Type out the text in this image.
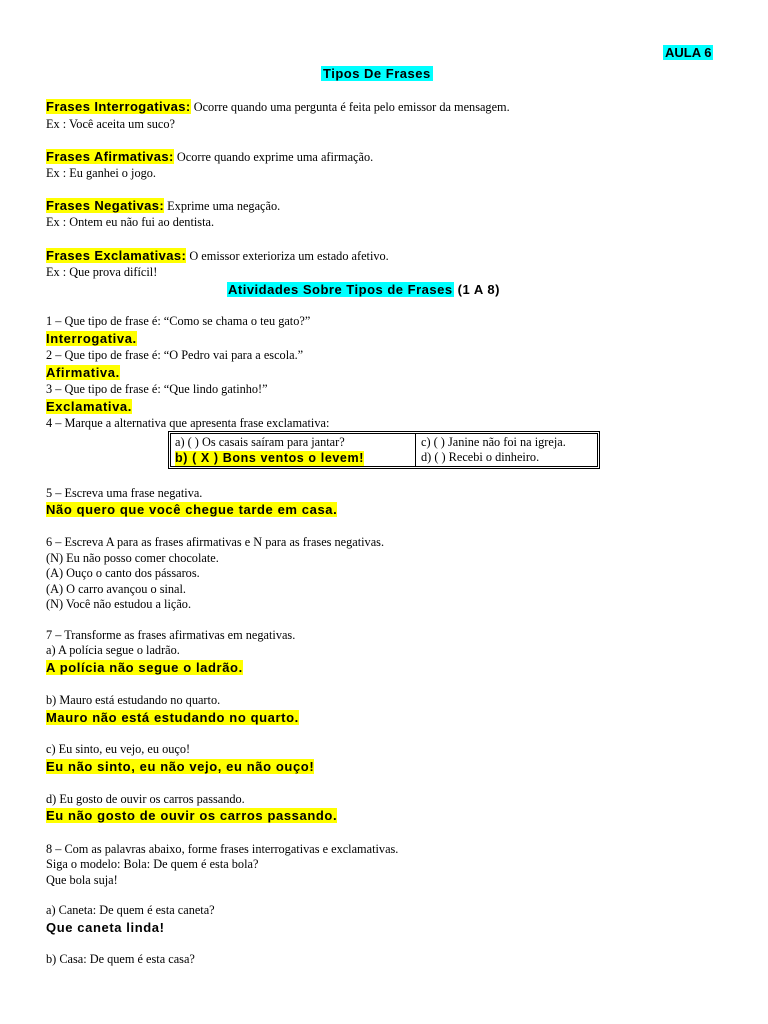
AULA 6
Tipos De Frases
Frases Interrogativas: Ocorre quando uma pergunta é feita pelo emissor da mensagem.
Ex : Você aceita um suco?
Frases Afirmativas: Ocorre quando exprime uma afirmação.
Ex : Eu ganhei o jogo.
Frases Negativas: Exprime uma negação.
Ex : Ontem eu não fui ao dentista.
Frases Exclamativas: O emissor exterioriza um estado afetivo.
Ex : Que prova difícil!
Atividades Sobre Tipos de Frases (1 A 8)
1 – Que tipo de frase é: “Como se chama o teu gato?”
Interrogativa.
2 – Que tipo de frase é: “O Pedro vai para a escola.”
Afirmativa.
3 – Que tipo de frase é: “Que lindo gatinho!”
Exclamativa.
4 – Marque a alternativa que apresenta frase exclamativa:
a) ( ) Os casais saíram para jantar?
b) ( X ) Bons ventos o levem!
c) ( ) Janine não foi na igreja.
d) ( ) Recebi o dinheiro.
5 – Escreva uma frase negativa.
Não quero que você chegue tarde em casa.
6 – Escreva A para as frases afirmativas e N para as frases negativas.
(N) Eu não posso comer chocolate.
(A) Ouço o canto dos pássaros.
(A) O carro avançou o sinal.
(N) Você não estudou a lição.
7 – Transforme as frases afirmativas em negativas.
a) A polícia segue o ladrão.
A polícia não segue o ladrão.
b) Mauro está estudando no quarto.
Mauro não está estudando no quarto.
c) Eu sinto, eu vejo, eu ouço!
Eu não sinto, eu não vejo, eu não ouço!
d) Eu gosto de ouvir os carros passando.
Eu não gosto de ouvir os carros passando.
8 – Com as palavras abaixo, forme frases interrogativas e exclamativas.
Siga o modelo: Bola: De quem é esta bola?
Que bola suja!
a) Caneta: De quem é esta caneta?
Que caneta linda!
b) Casa: De quem é esta casa?
